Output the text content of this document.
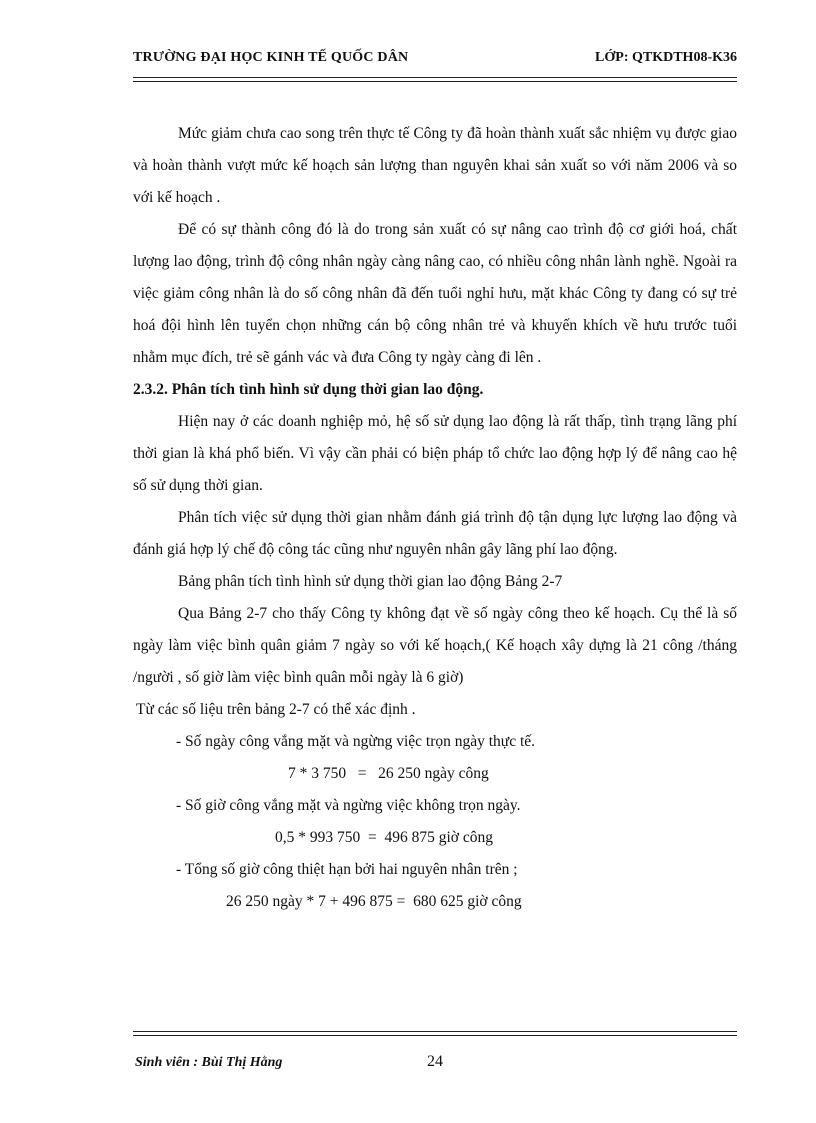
TRƯỜNG ĐẠI HỌC KINH TẾ QUỐC DÂN	LỚP: QTKDTH08-K36

Mức giảm chưa cao song trên thực tế Công ty đã hoàn thành xuất sắc nhiệm vụ được giao và hoàn thành vượt mức kế hoạch sản lượng than nguyên khai sản xuất so với năm 2006 và so với kế hoạch .

Để có sự thành công đó là do trong sản xuất có sự nâng cao trình độ cơ giới hoá, chất lượng lao động, trình độ công nhân ngày càng nâng cao, có nhiều công nhân lành nghề. Ngoài ra việc giảm công nhân là do số công nhân đã đến tuổi nghỉ hưu, mặt khác Công ty đang có sự trẻ hoá đội hình lên tuyển chọn những cán bộ công nhân trẻ và khuyến khích về hưu trước tuổi nhằm mục đích, trẻ sẽ gánh vác và đưa Công ty ngày càng đi lên .

2.3.2. Phân tích tình hình sử dụng thời gian lao động.

Hiện nay ở các doanh nghiệp mỏ, hệ số sử dụng lao động là rất thấp, tình trạng lãng phí thời gian là khá phổ biến. Vì vậy cần phải có biện pháp tổ chức lao động hợp lý để nâng cao hệ số sử dụng thời gian.

Phân tích việc sử dụng thời gian nhằm đánh giá trình độ tận dụng lực lượng lao động và đánh giá hợp lý chế độ công tác cũng như nguyên nhân gây lãng phí lao động.

Bảng phân tích tình hình sử dụng thời gian lao động Bảng 2-7

Qua Bảng 2-7 cho thấy Công ty không đạt về số ngày công theo kế hoạch. Cụ thể là số ngày làm việc bình quân giảm 7 ngày so với kế hoạch,( Kế hoạch xây dựng là 21 công /tháng /người , số giờ làm việc bình quân mỗi ngày là 6 giờ)

Từ các số liệu trên bảng 2-7 có thể xác định .

- Số ngày công vắng mặt và ngừng việc trọn ngày thực tế.

7 * 3 750   =   26 250 ngày công

- Số giờ công vắng mặt và ngừng việc không trọn ngày.

0,5 * 993 750  =  496 875 giờ công

- Tổng số giờ công thiệt hạn bởi hai nguyên nhân trên ;

26 250 ngày * 7 + 496 875 =  680 625 giờ công

Sinh viên : Bùi Thị Hằng	24
